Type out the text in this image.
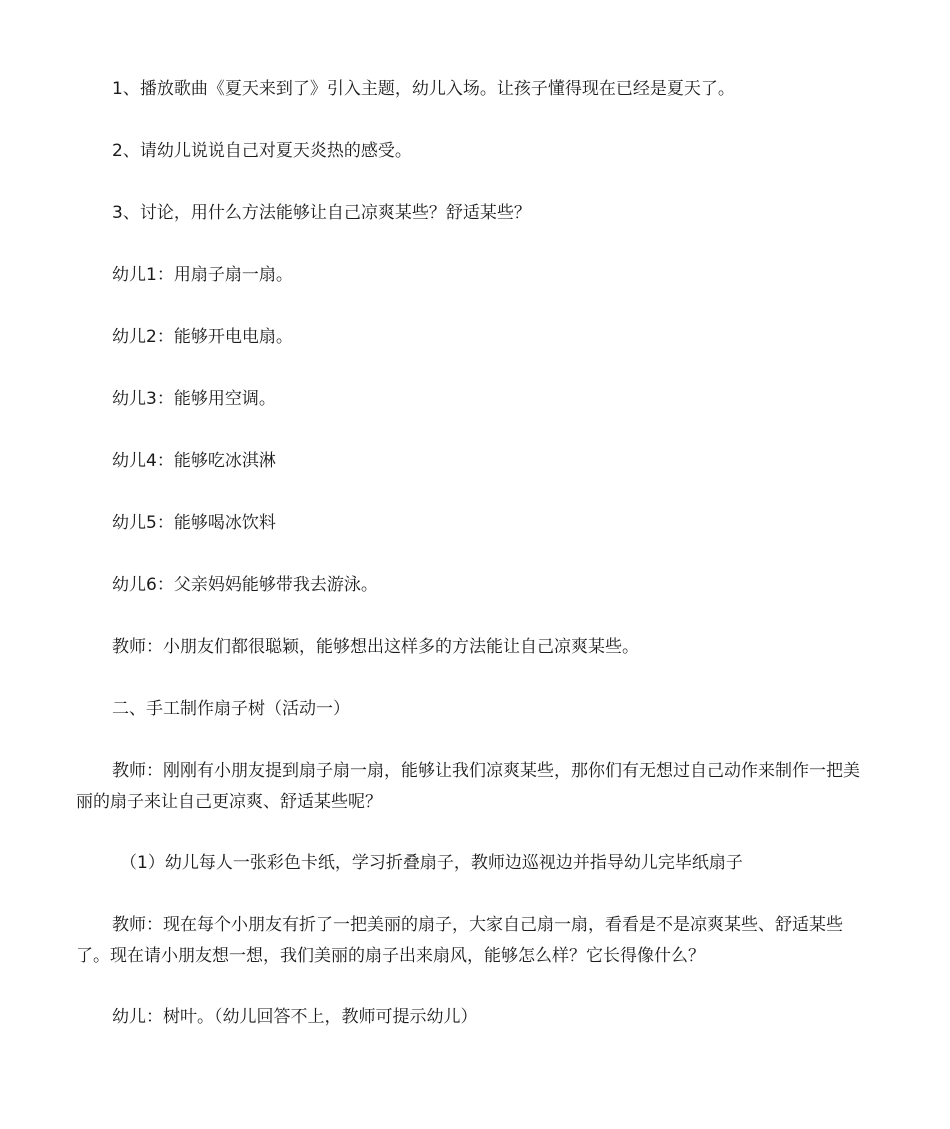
1、播放歌曲《夏天来到了》引入主题，幼儿入场。让孩子懂得现在已经是夏天了。

2、请幼儿说说自己对夏天炎热的感受。

3、讨论，用什么方法能够让自己凉爽某些？舒适某些？

幼儿1：用扇子扇一扇。

幼儿2：能够开电电扇。

幼儿3：能够用空调。

幼儿4：能够吃冰淇淋

幼儿5：能够喝冰饮料

幼儿6：父亲妈妈能够带我去游泳。

教师：小朋友们都很聪颖，能够想出这样多的方法能让自己凉爽某些。

二、手工制作扇子树（活动一）

教师：刚刚有小朋友提到扇子扇一扇，能够让我们凉爽某些，那你们有无想过自己动作来制作一把美丽的扇子来让自己更凉爽、舒适某些呢？

（1）幼儿每人一张彩色卡纸，学习折叠扇子，教师边巡视边并指导幼儿完毕纸扇子

教师：现在每个小朋友有折了一把美丽的扇子，大家自己扇一扇，看看是不是凉爽某些、舒适某些了。现在请小朋友想一想，我们美丽的扇子出来扇风，能够怎么样？它长得像什么？

幼儿：树叶。（幼儿回答不上，教师可提示幼儿）
